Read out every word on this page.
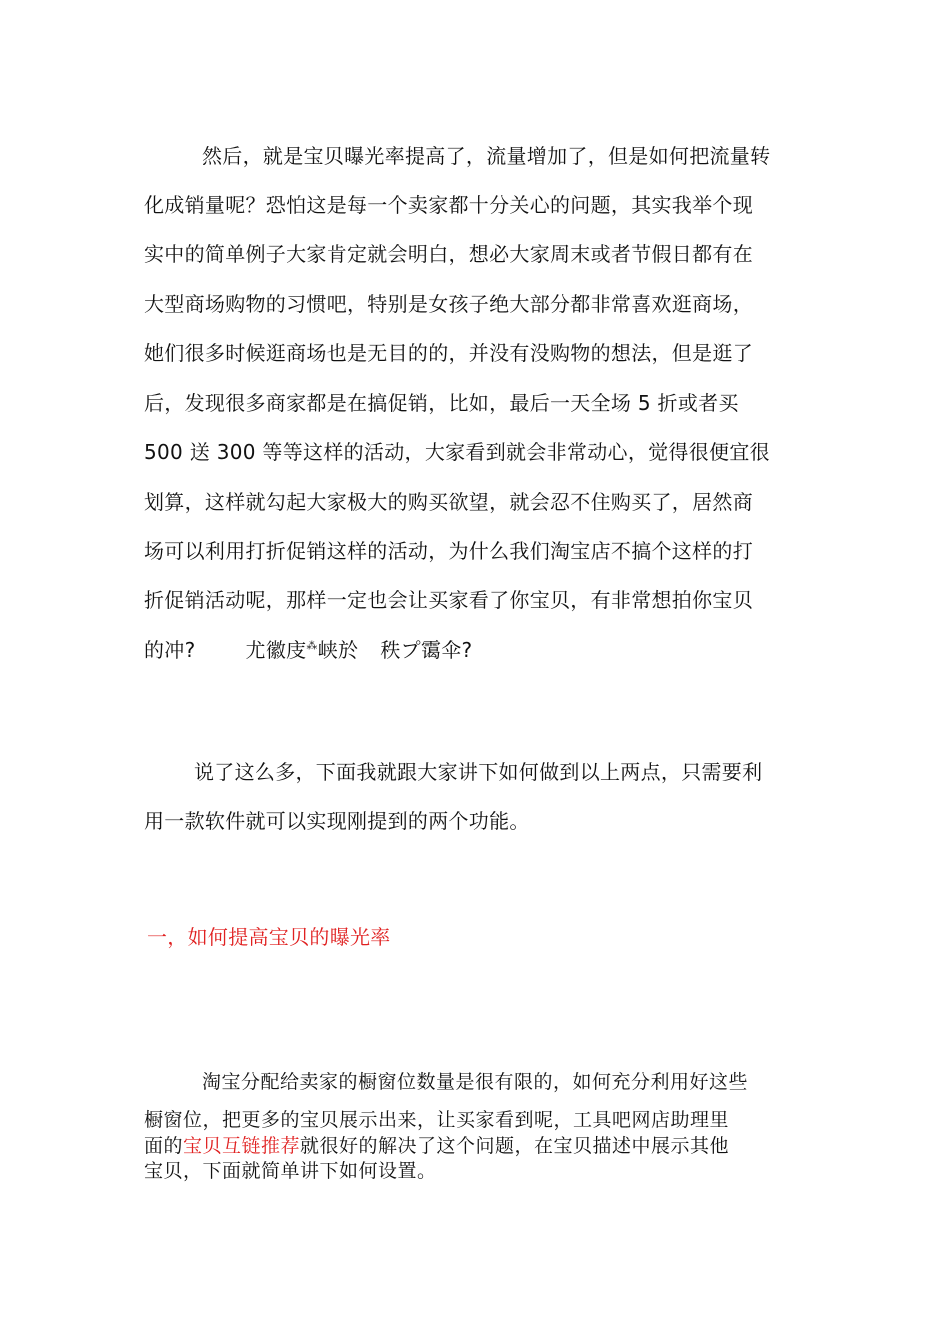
然后，就是宝贝曝光率提高了，流量增加了，但是如何把流量转
化成销量呢？恐怕这是每一个卖家都十分关心的问题，其实我举个现
实中的简单例子大家肯定就会明白，想必大家周末或者节假日都有在
大型商场购物的习惯吧，特别是女孩子绝大部分都非常喜欢逛商场，
她们很多时候逛商场也是无目的的，并没有没购物的想法，但是逛了
后，发现很多商家都是在搞促销，比如，最后一天全场 5 折或者买
500 送 300 等等这样的活动，大家看到就会非常动心，觉得很便宜很
划算，这样就勾起大家极大的购买欲望，就会忍不住购买了，居然商
场可以利用打折促销这样的活动，为什么我们淘宝店不搞个这样的打
折促销活动呢，那样一定也会让买家看了你宝贝，有非常想拍你宝贝
的冲?	尤徽庋⁂峡於 秩プ霭伞?
说了这么多，下面我就跟大家讲下如何做到以上两点，只需要利
用一款软件就可以实现刚提到的两个功能。
一，如何提高宝贝的曝光率
淘宝分配给卖家的橱窗位数量是很有限的，如何充分利用好这些
橱窗位，把更多的宝贝展示出来，让买家看到呢，工具吧网店助理里
面的宝贝互链推荐就很好的解决了这个问题，在宝贝描述中展示其他
宝贝，下面就简单讲下如何设置。
